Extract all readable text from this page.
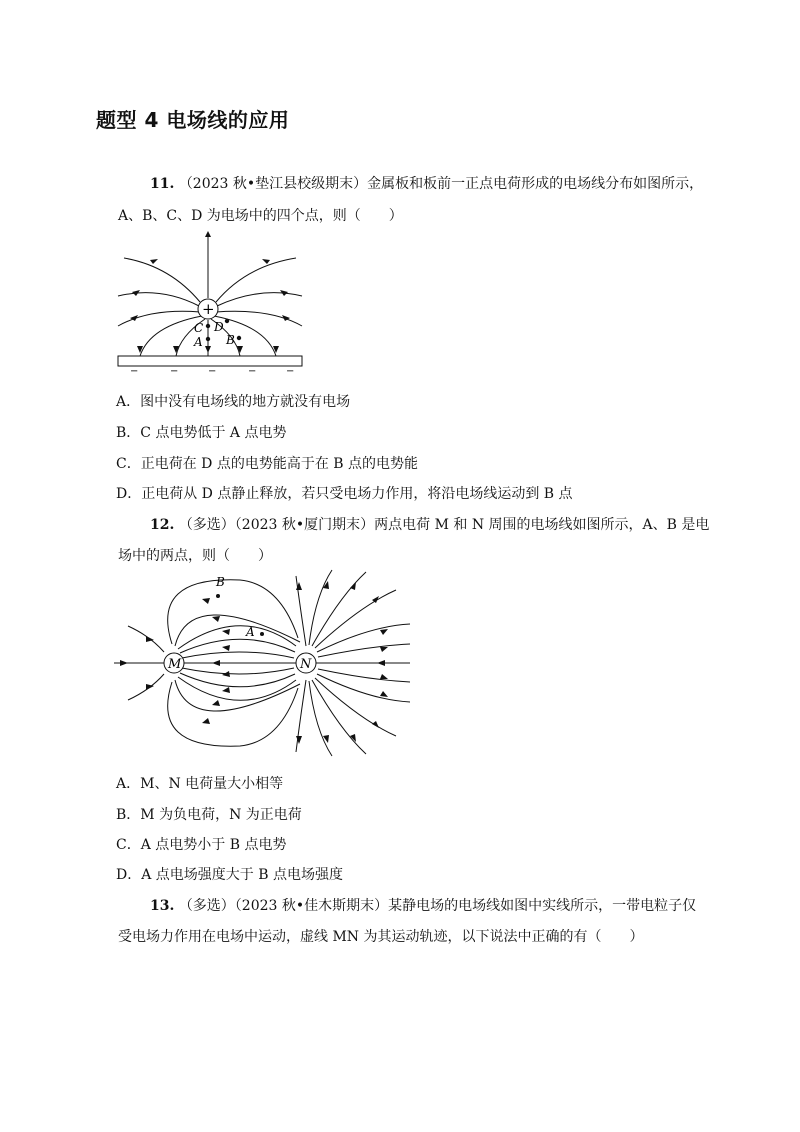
题型 4 电场线的应用
11. （2023 秋•垫江县校级期末）金属板和板前一正点电荷形成的电场线分布如图所示，
A、B、C、D 为电场中的四个点，则（　　）
+
C D
A B
−	−	−	−	−
A．图中没有电场线的地方就没有电场
B．C 点电势低于 A 点电势
C．正电荷在 D 点的电势能高于在 B 点的电势能
D．正电荷从 D 点静止释放，若只受电场力作用，将沿电场线运动到 B 点
12. （多选）（2023 秋•厦门期末）两点电荷 M 和 N 周围的电场线如图所示，A、B 是电
场中的两点，则（　　）
M	N
A
B
A．M、N 电荷量大小相等
B．M 为负电荷，N 为正电荷
C．A 点电势小于 B 点电势
D．A 点电场强度大于 B 点电场强度
13. （多选）（2023 秋•佳木斯期末）某静电场的电场线如图中实线所示，一带电粒子仅
受电场力作用在电场中运动，虚线 MN 为其运动轨迹，以下说法中正确的有（　　）
